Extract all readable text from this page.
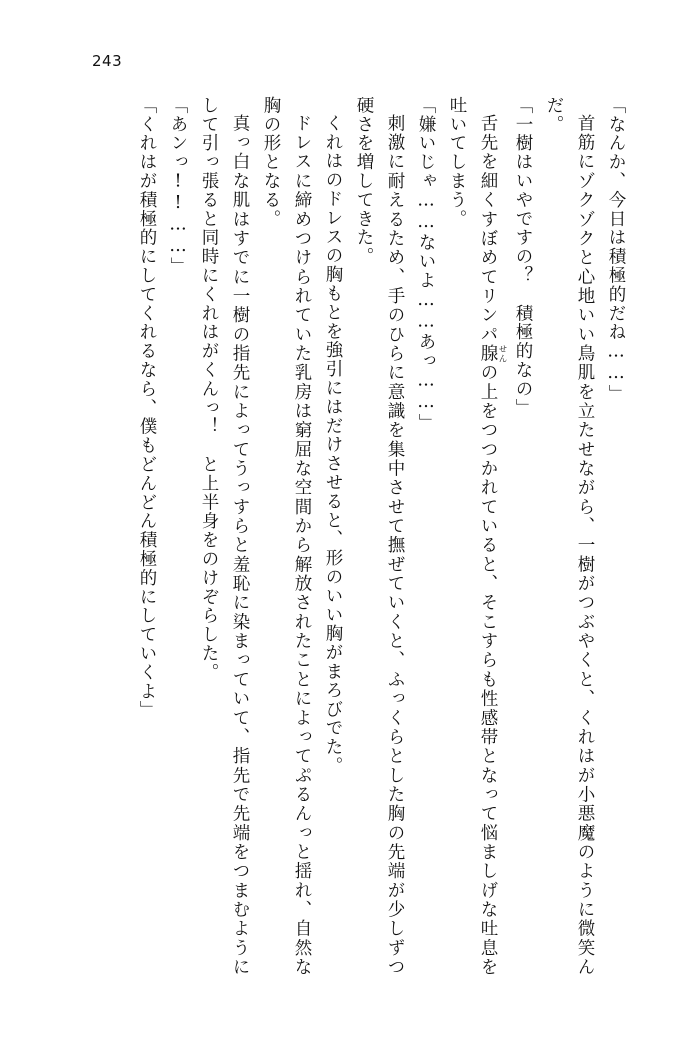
243

「なんか、今日は積極的だね……」

首筋にゾクゾクと心地いい鳥肌を立たせながら、一樹がつぶやくと、くれはが小悪魔のように微笑んだ。

「一樹はいやですの？　積極的なの」

舌先を細くすぼめてリンパ腺 せんの上をつつかれていると、そこすらも性感帯となって悩ましげな吐息を吐いてしまう。

「嫌いじゃ……ないよ……あっ……」

刺激に耐えるため、手のひらに意識を集中させて撫ぜていくと、ふっくらとした胸の先端が少しずつ硬さを増してきた。

くれはのドレスの胸もとを強引にはだけさせると、形のいい胸がまろびでた。

ドレスに締めつけられていた乳房は窮屈な空間から解放されたことによってぷるんっと揺れ、自然な胸の形となる。

真っ白な肌はすでに一樹の指先によってうっすらと羞恥に染まっていて、指先で先端をつまむようにして引っ張ると同時にくれはがくんっ！　と上半身をのけぞらした。

「あンっ!!……」

「くれはが積極的にしてくれるなら、僕もどんどん積極的にしていくよ」
